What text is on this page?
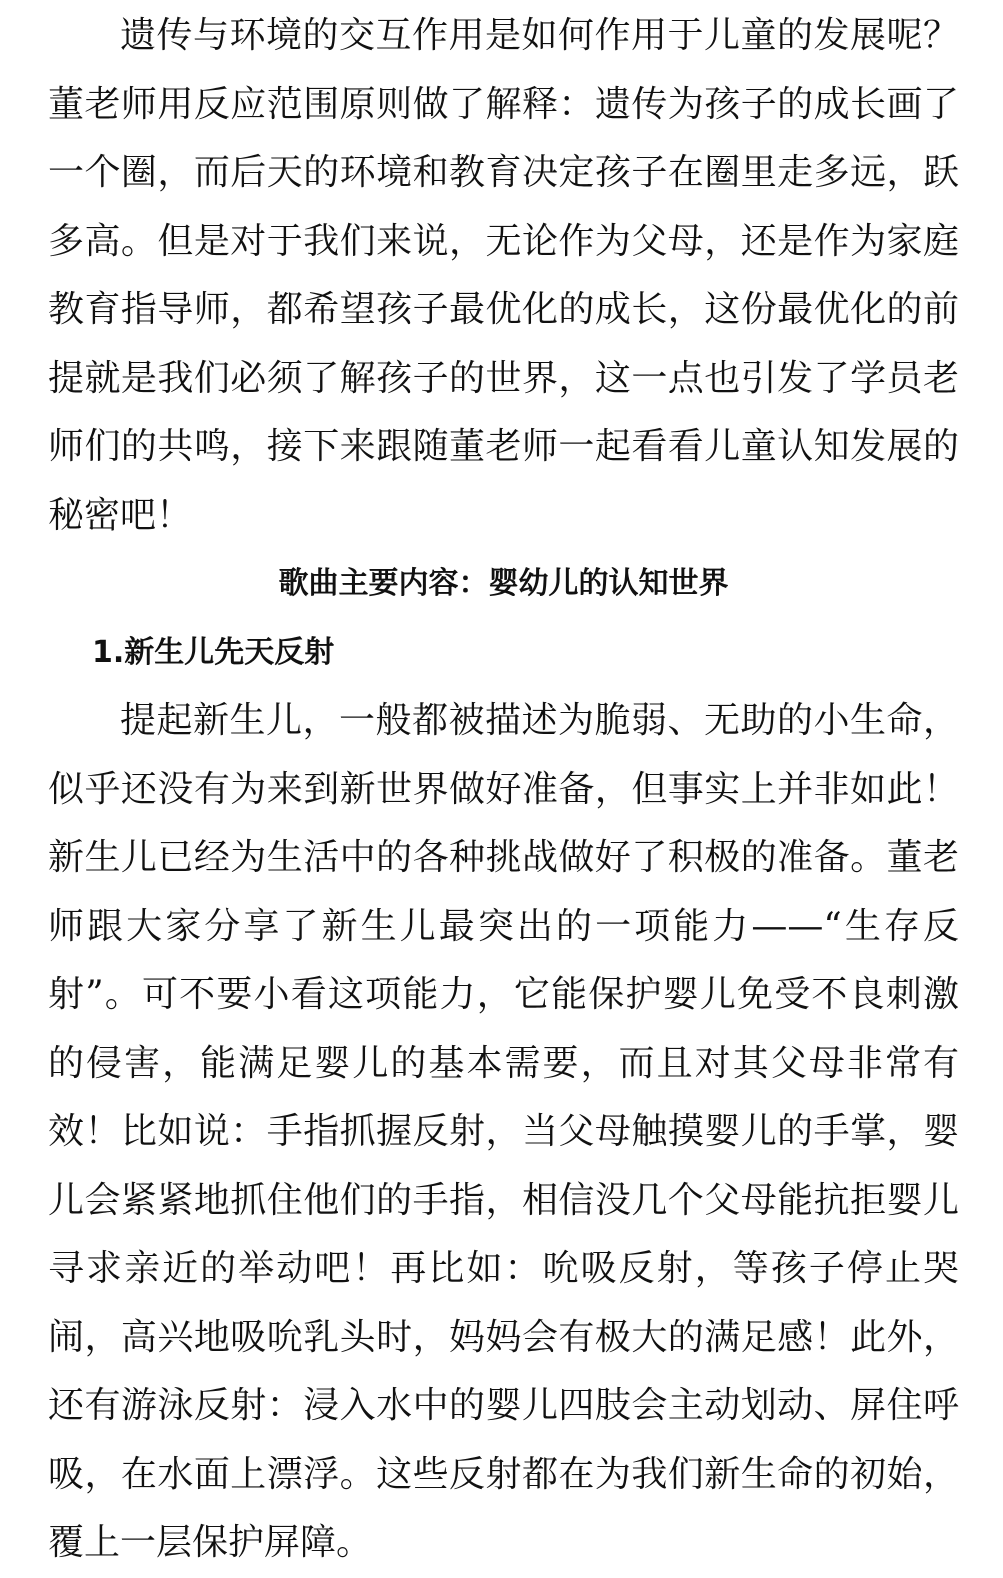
遗传与环境的交互作用是如何作用于儿童的发展呢？董老师用反应范围原则做了解释：遗传为孩子的成长画了一个圈，而后天的环境和教育决定孩子在圈里走多远，跃多高。但是对于我们来说，无论作为父母，还是作为家庭教育指导师，都希望孩子最优化的成长，这份最优化的前提就是我们必须了解孩子的世界，这一点也引发了学员老师们的共鸣，接下来跟随董老师一起看看儿童认知发展的秘密吧！

歌曲主要内容：婴幼儿的认知世界
1.新生儿先天反射

提起新生儿，一般都被描述为脆弱、无助的小生命，似乎还没有为来到新世界做好准备，但事实上并非如此！新生儿已经为生活中的各种挑战做好了积极的准备。董老师跟大家分享了新生儿最突出的一项能力——“生存反射”。可不要小看这项能力，它能保护婴儿免受不良刺激的侵害，能满足婴儿的基本需要，而且对其父母非常有效！比如说：手指抓握反射，当父母触摸婴儿的手掌，婴儿会紧紧地抓住他们的手指，相信没几个父母能抗拒婴儿寻求亲近的举动吧！再比如：吮吸反射，等孩子停止哭闹，高兴地吸吮乳头时，妈妈会有极大的满足感！此外，还有游泳反射：浸入水中的婴儿四肢会主动划动、屏住呼吸，在水面上漂浮。这些反射都在为我们新生命的初始，覆上一层保护屏障。
